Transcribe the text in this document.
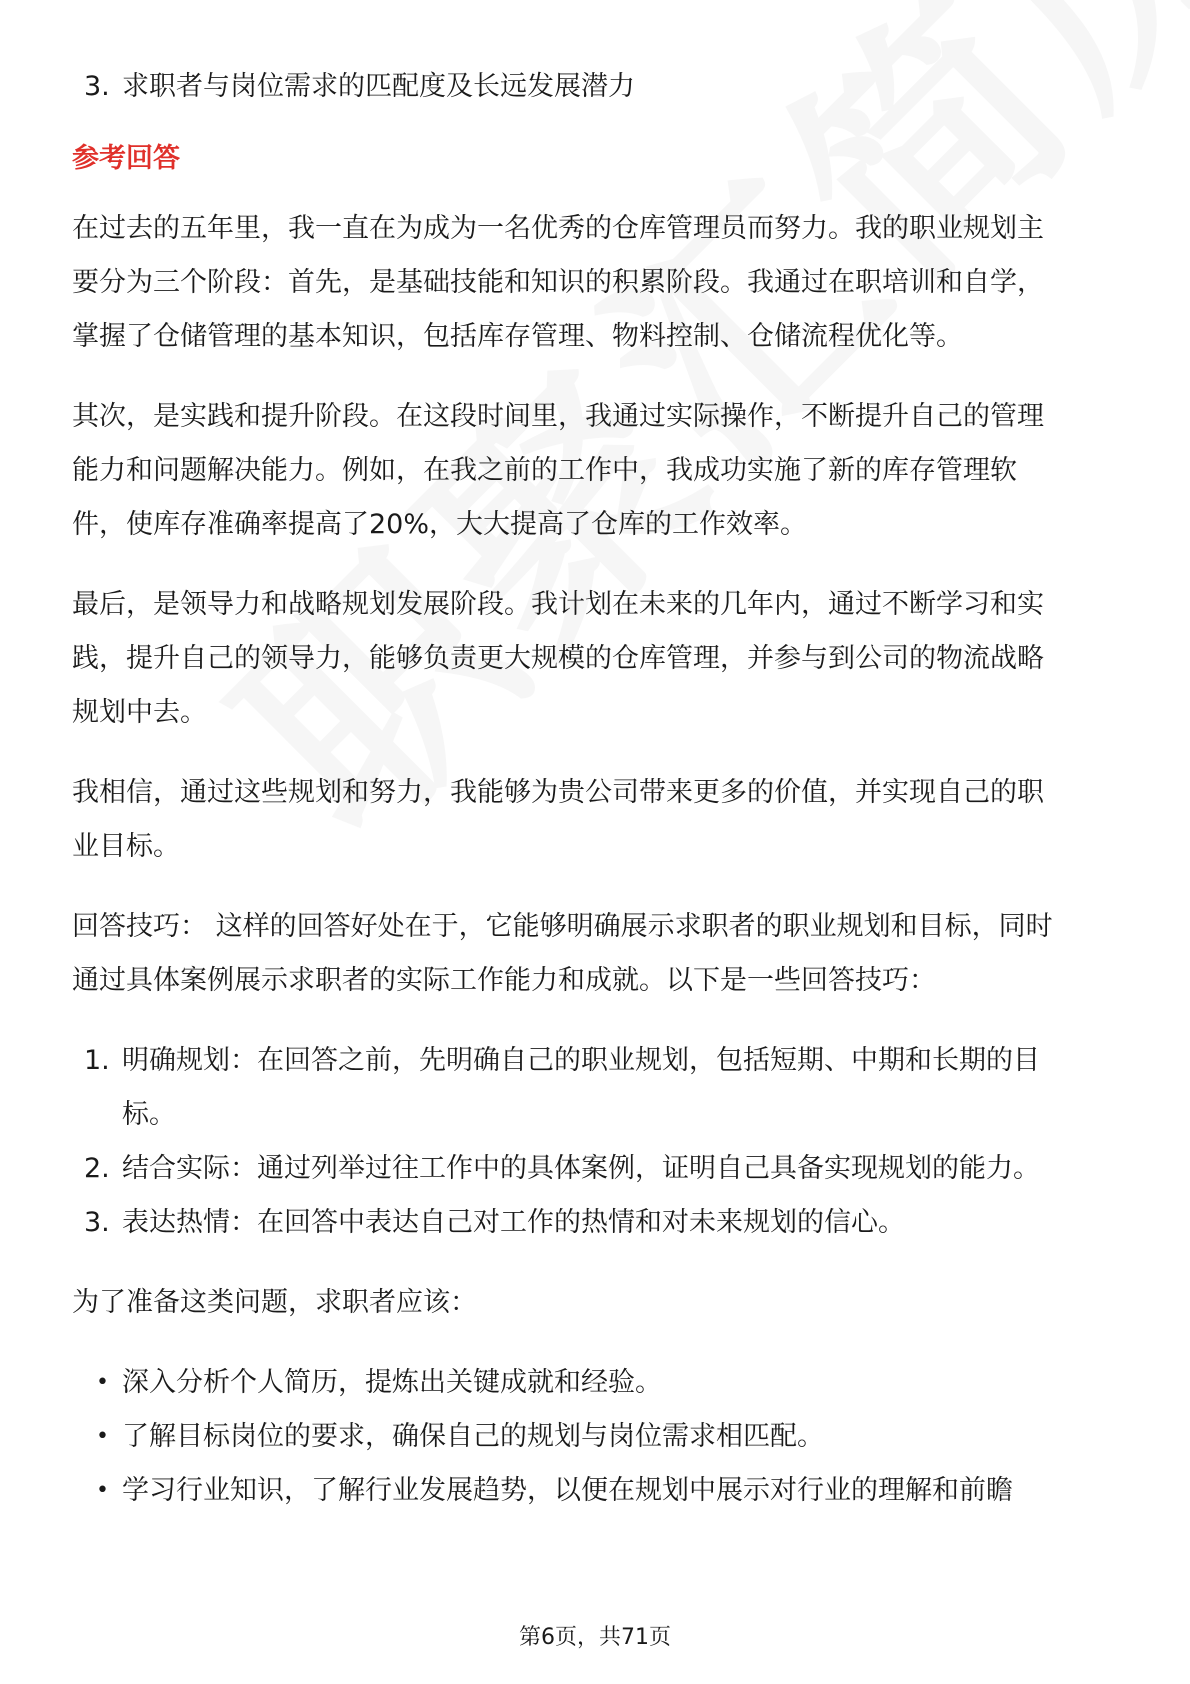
3. 求职者与岗位需求的匹配度及长远发展潜力
参考回答
在过去的五年里，我一直在为成为一名优秀的仓库管理员而努力。我的职业规划主
要分为三个阶段：首先，是基础技能和知识的积累阶段。我通过在职培训和自学，
掌握了仓储管理的基本知识，包括库存管理、物料控制、仓储流程优化等。
其次，是实践和提升阶段。在这段时间里，我通过实际操作，不断提升自己的管理
能力和问题解决能力。例如，在我之前的工作中，我成功实施了新的库存管理软
件，使库存准确率提高了20%，大大提高了仓库的工作效率。
最后，是领导力和战略规划发展阶段。我计划在未来的几年内，通过不断学习和实
践，提升自己的领导力，能够负责更大规模的仓库管理，并参与到公司的物流战略
规划中去。
我相信，通过这些规划和努力，我能够为贵公司带来更多的价值，并实现自己的职
业目标。
回答技巧： 这样的回答好处在于，它能够明确展示求职者的职业规划和目标，同时
通过具体案例展示求职者的实际工作能力和成就。以下是一些回答技巧：
1. 明确规划：在回答之前，先明确自己的职业规划，包括短期、中期和长期的目
标。
2. 结合实际：通过列举过往工作中的具体案例，证明自己具备实现规划的能力。
3. 表达热情：在回答中表达自己对工作的热情和对未来规划的信心。
为了准备这类问题，求职者应该：
• 深入分析个人简历，提炼出关键成就和经验。
• 了解目标岗位的要求，确保自己的规划与岗位需求相匹配。
• 学习行业知识，了解行业发展趋势，以便在规划中展示对行业的理解和前瞻
第6页，共71页
